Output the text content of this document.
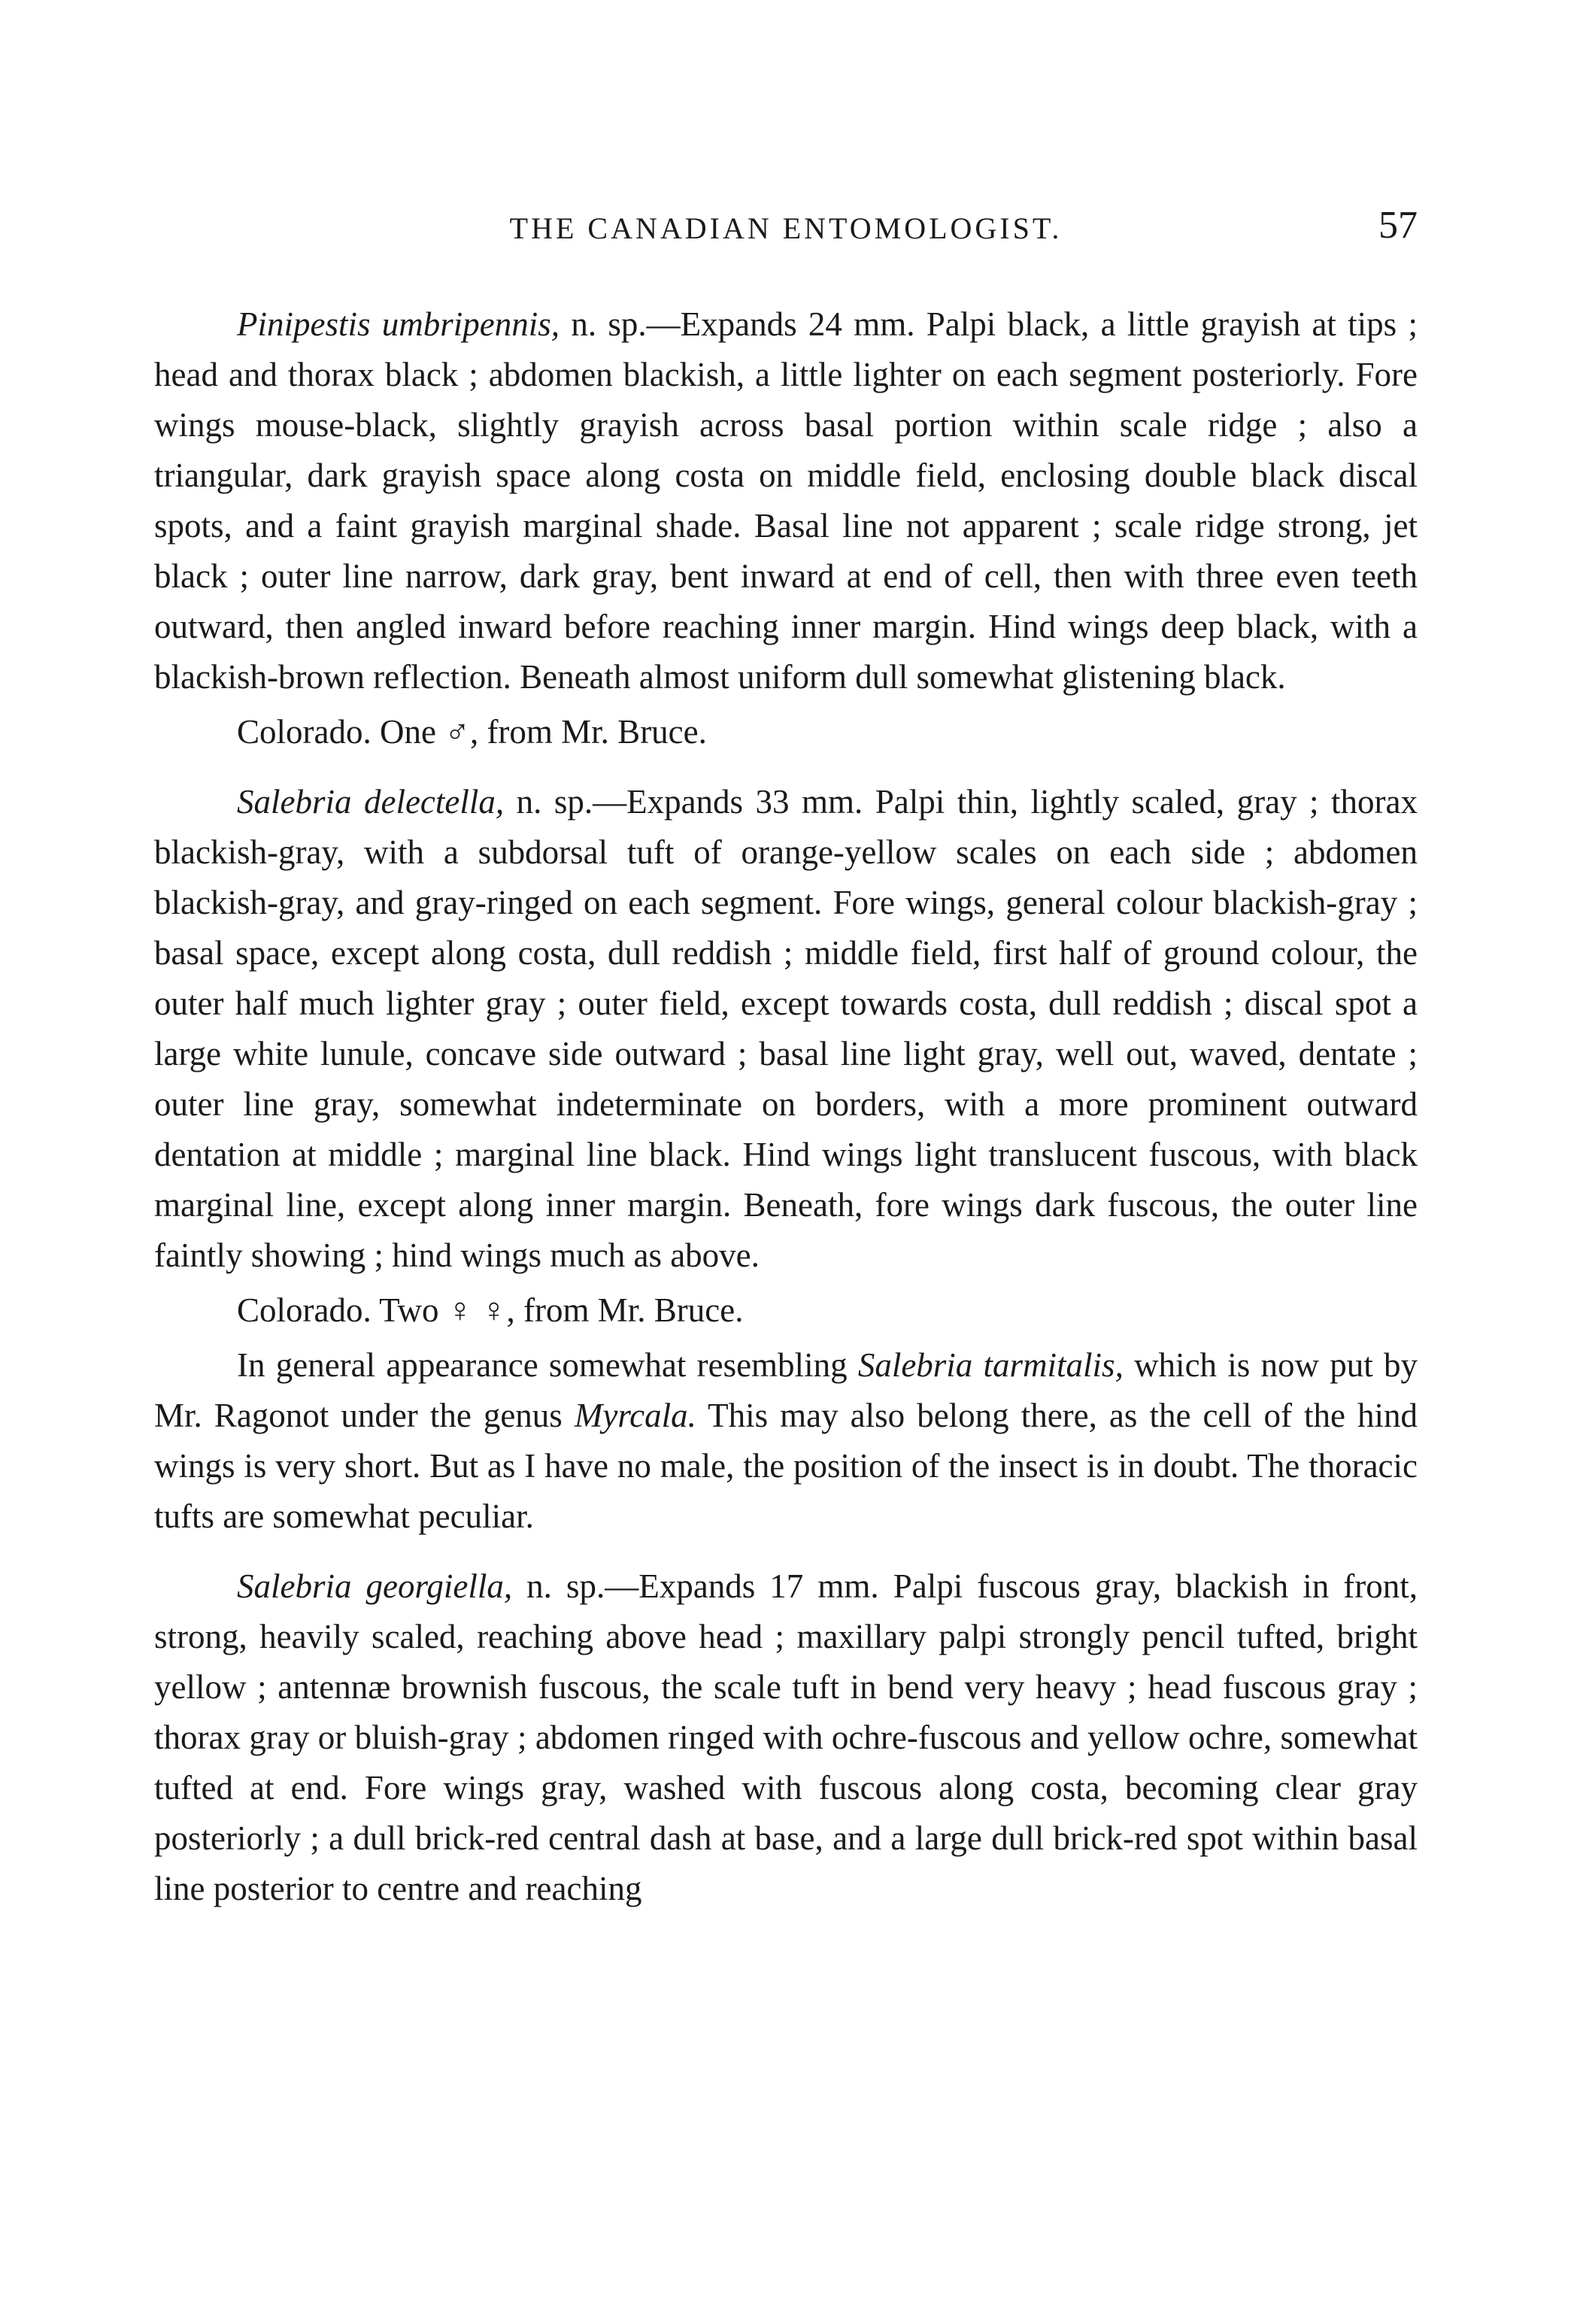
THE CANADIAN ENTOMOLOGIST.	57

Pinipestis umbripennis, n. sp.—Expands 24 mm. Palpi black, a little grayish at tips ; head and thorax black ; abdomen blackish, a little lighter on each segment posteriorly. Fore wings mouse-black, slightly grayish across basal portion within scale ridge ; also a triangular, dark grayish space along costa on middle field, enclosing double black discal spots, and a faint grayish marginal shade. Basal line not apparent ; scale ridge strong, jet black ; outer line narrow, dark gray, bent inward at end of cell, then with three even teeth outward, then angled inward before reaching inner margin. Hind wings deep black, with a blackish-brown reflection. Beneath almost uniform dull somewhat glistening black.

Colorado. One ♂, from Mr. Bruce.

Salebria delectella, n. sp.—Expands 33 mm. Palpi thin, lightly scaled, gray ; thorax blackish-gray, with a subdorsal tuft of orange-yellow scales on each side ; abdomen blackish-gray, and gray-ringed on each segment. Fore wings, general colour blackish-gray ; basal space, except along costa, dull reddish ; middle field, first half of ground colour, the outer half much lighter gray ; outer field, except towards costa, dull reddish ; discal spot a large white lunule, concave side outward ; basal line light gray, well out, waved, dentate ; outer line gray, somewhat indeterminate on borders, with a more prominent outward dentation at middle ; marginal line black. Hind wings light translucent fuscous, with black marginal line, except along inner margin. Beneath, fore wings dark fuscous, the outer line faintly showing ; hind wings much as above.

Colorado. Two ♀ ♀, from Mr. Bruce.

In general appearance somewhat resembling Salebria tarmitalis, which is now put by Mr. Ragonot under the genus Myrcala. This may also belong there, as the cell of the hind wings is very short. But as I have no male, the position of the insect is in doubt. The thoracic tufts are somewhat peculiar.

Salebria georgiella, n. sp.—Expands 17 mm. Palpi fuscous gray, blackish in front, strong, heavily scaled, reaching above head ; maxillary palpi strongly pencil tufted, bright yellow ; antennæ brownish fuscous, the scale tuft in bend very heavy ; head fuscous gray ; thorax gray or bluish-gray ; abdomen ringed with ochre-fuscous and yellow ochre, somewhat tufted at end. Fore wings gray, washed with fuscous along costa, becoming clear gray posteriorly ; a dull brick-red central dash at base, and a large dull brick-red spot within basal line posterior to centre and reaching
